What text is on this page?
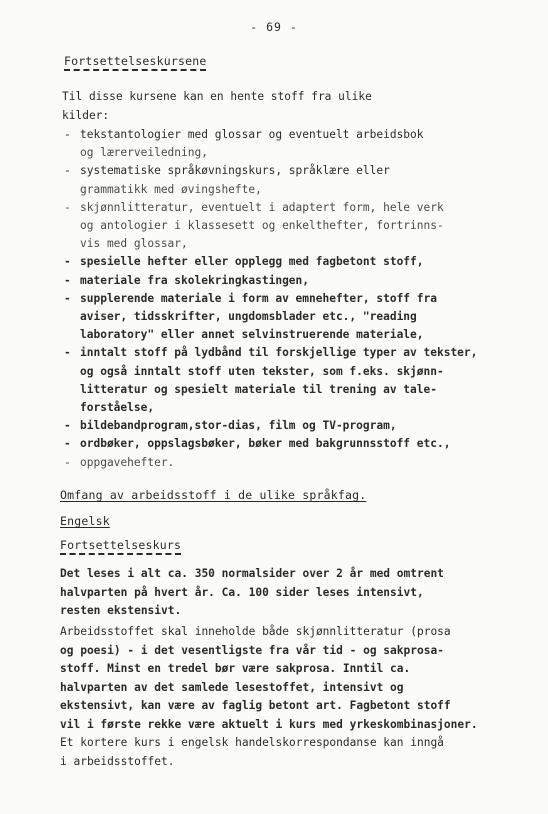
- 69 -
Fortsettelseskursene
Til disse kursene kan en hente stoff fra ulike
kilder:
- tekstantologier med glossar og eventuelt arbeidsbok
og lærerveiledning,
- systematiske språkøvningskurs, språklære eller
grammatikk med øvingshefte,
- skjønnlitteratur, eventuelt i adaptert form, hele verk
og antologier i klassesett og enkelthefter, fortrinns-
vis med glossar,
- spesielle hefter eller opplegg med fagbetont stoff,
- materiale fra skolekringkastingen,
- supplerende materiale i form av emnehefter, stoff fra
aviser, tidsskrifter, ungdomsblader etc., "reading
laboratory" eller annet selvinstruerende materiale,
- inntalt stoff på lydbånd til forskjellige typer av tekster,
og også inntalt stoff uten tekster, som f.eks. skjønn-
litteratur og spesielt materiale til trening av tale-
forståelse,
- bildebandprogram,stor-dias, film og TV-program,
- ordbøker, oppslagsbøker, bøker med bakgrunnsstoff etc.,
- oppgavehefter.
Omfang av arbeidsstoff i de ulike språkfag.
Engelsk
Fortsettelseskurs
Det leses i alt ca. 350 normalsider over 2 år med omtrent
halvparten på hvert år. Ca. 100 sider leses intensivt,
resten ekstensivt.
Arbeidsstoffet skal inneholde både skjønnlitteratur (prosa
og poesi) - i det vesentligste fra vår tid - og sakprosa-
stoff. Minst en tredel bør være sakprosa. Inntil ca.
halvparten av det samlede lesestoffet, intensivt og
ekstensivt, kan være av faglig betont art. Fagbetont stoff
vil i første rekke være aktuelt i kurs med yrkeskombinasjoner.
Et kortere kurs i engelsk handelskorrespondanse kan inngå
i arbeidsstoffet.
